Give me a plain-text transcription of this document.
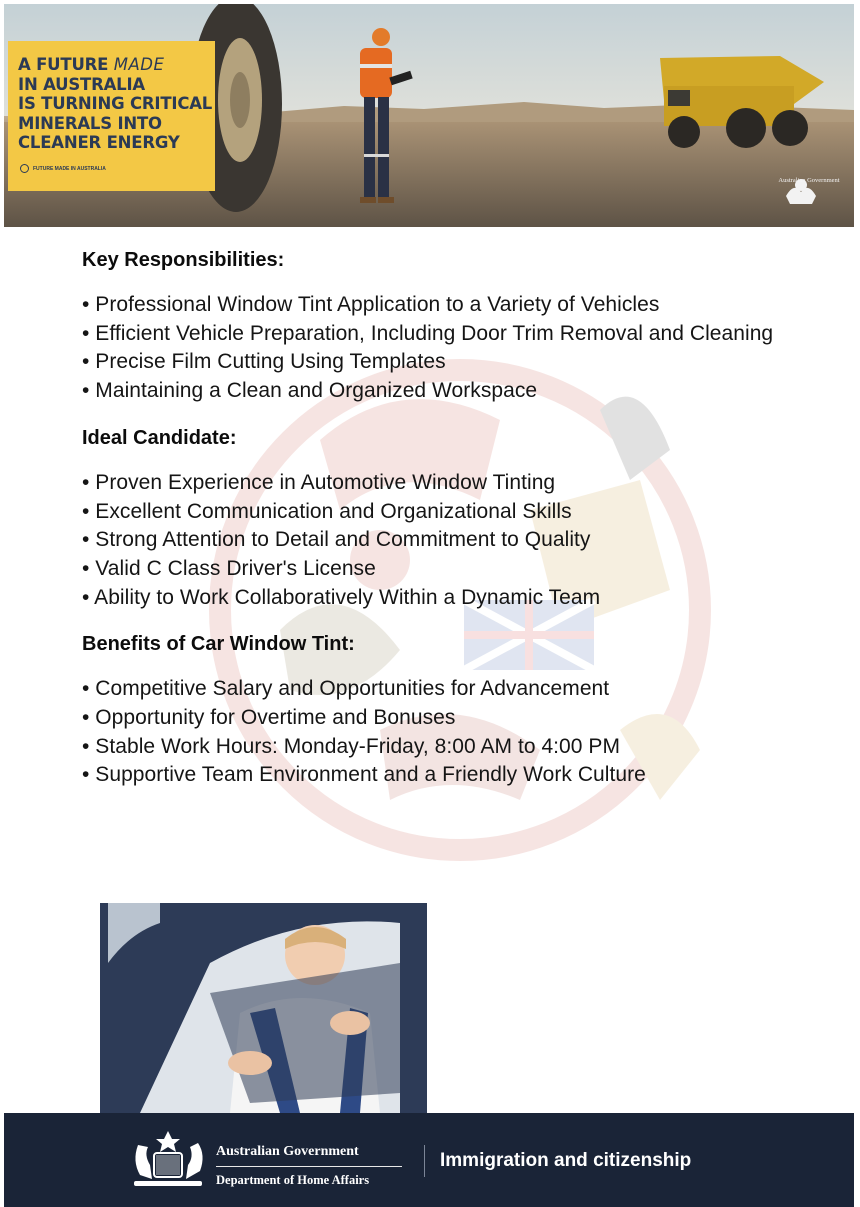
A FUTURE MADE
IN AUSTRALIA
IS TURNING CRITICAL
MINERALS INTO
CLEANER ENERGY
FUTURE MADE IN AUSTRALIA
Australian Government
Key Responsibilities:
• Professional Window Tint Application to a Variety of Vehicles
• Efficient Vehicle Preparation, Including Door Trim Removal and Cleaning
• Precise Film Cutting Using Templates
• Maintaining a Clean and Organized Workspace
Ideal Candidate:
• Proven Experience in Automotive Window Tinting
• Excellent Communication and Organizational Skills
• Strong Attention to Detail and Commitment to Quality
• Valid C Class Driver's License
• Ability to Work Collaboratively Within a Dynamic Team
Benefits of Car Window Tint:
• Competitive Salary and Opportunities for Advancement
• Opportunity for Overtime and Bonuses
• Stable Work Hours: Monday-Friday, 8:00 AM to 4:00 PM
• Supportive Team Environment and a Friendly Work Culture
Australian Government
Department of Home Affairs
Immigration and citizenship
